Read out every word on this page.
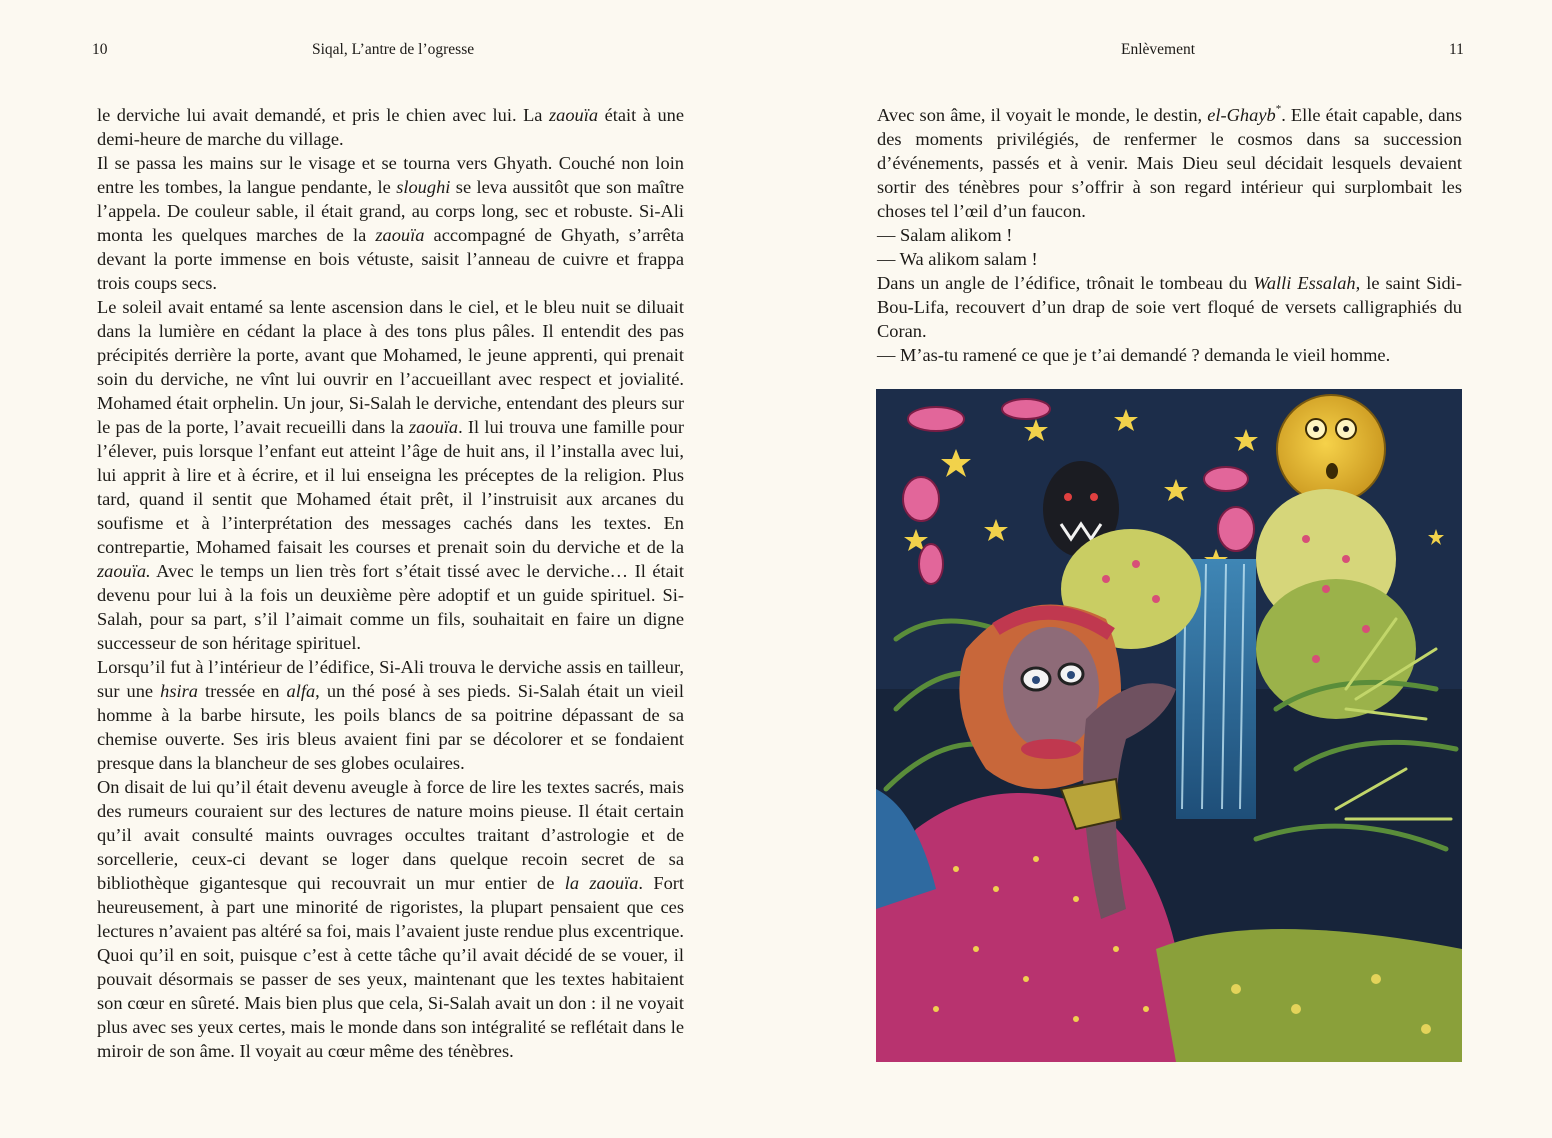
10	Siqal, L’antre de l’ogresse

le derviche lui avait demandé, et pris le chien avec lui. La zaouïa était à une demi-heure de marche du village.

Il se passa les mains sur le visage et se tourna vers Ghyath. Couché non loin entre les tombes, la langue pendante, le sloughi se leva aussitôt que son maître l’appela. De couleur sable, il était grand, au corps long, sec et robuste. Si-Ali monta les quelques marches de la zaouïa accompagné de Ghyath, s’arrêta devant la porte immense en bois vétuste, saisit l’anneau de cuivre et frappa trois coups secs.

Le soleil avait entamé sa lente ascension dans le ciel, et le bleu nuit se diluait dans la lumière en cédant la place à des tons plus pâles. Il entendit des pas précipités derrière la porte, avant que Mohamed, le jeune apprenti, qui prenait soin du derviche, ne vînt lui ouvrir en l’accueillant avec respect et jovialité. Mohamed était orphelin. Un jour, Si-Salah le derviche, entendant des pleurs sur le pas de la porte, l’avait recueilli dans la zaouïa. Il lui trouva une famille pour l’élever, puis lorsque l’enfant eut atteint l’âge de huit ans, il l’installa avec lui, lui apprit à lire et à écrire, et il lui enseigna les préceptes de la religion. Plus tard, quand il sentit que Mohamed était prêt, il l’instruisit aux arcanes du soufisme et à l’interprétation des messages cachés dans les textes. En contrepartie, Mohamed faisait les courses et prenait soin du derviche et de la zaouïa. Avec le temps un lien très fort s’était tissé avec le derviche… Il était devenu pour lui à la fois un deuxième père adoptif et un guide spirituel. Si-Salah, pour sa part, s’il l’aimait comme un fils, souhaitait en faire un digne successeur de son héritage spirituel.

Lorsqu’il fut à l’intérieur de l’édifice, Si-Ali trouva le derviche assis en tailleur, sur une hsira tressée en alfa, un thé posé à ses pieds. Si-Salah était un vieil homme à la barbe hirsute, les poils blancs de sa poitrine dépassant de sa chemise ouverte. Ses iris bleus avaient fini par se décolorer et se fondaient presque dans la blancheur de ses globes oculaires.

On disait de lui qu’il était devenu aveugle à force de lire les textes sacrés, mais des rumeurs couraient sur des lectures de nature moins pieuse. Il était certain qu’il avait consulté maints ouvrages occultes traitant d’astrologie et de sorcellerie, ceux-ci devant se loger dans quelque recoin secret de sa bibliothèque gigantesque qui recouvrait un mur entier de la zaouïa. Fort heureusement, à part une minorité de rigoristes, la plupart pensaient que ces lectures n’avaient pas altéré sa foi, mais l’avaient juste rendue plus excentrique. Quoi qu’il en soit, puisque c’est à cette tâche qu’il avait décidé de se vouer, il pouvait désormais se passer de ses yeux, maintenant que les textes habitaient son cœur en sûreté. Mais bien plus que cela, Si-Salah avait un don : il ne voyait plus avec ses yeux certes, mais le monde dans son intégralité se reflétait dans le miroir de son âme. Il voyait au cœur même des ténèbres.

Enlèvement	11

Avec son âme, il voyait le monde, le destin, el-Ghayb*. Elle était capable, dans des moments privilégiés, de renfermer le cosmos dans sa succession d’événements, passés et à venir. Mais Dieu seul décidait lesquels devaient sortir des ténèbres pour s’offrir à son regard intérieur qui surplombait les choses tel l’œil d’un faucon.

— Salam alikom !

— Wa alikom salam !

Dans un angle de l’édifice, trônait le tombeau du Walli Essalah, le saint Sidi-Bou-Lifa, recouvert d’un drap de soie vert floqué de versets calligraphiés du Coran.

— M’as-tu ramené ce que je t’ai demandé ? demanda le vieil homme.
